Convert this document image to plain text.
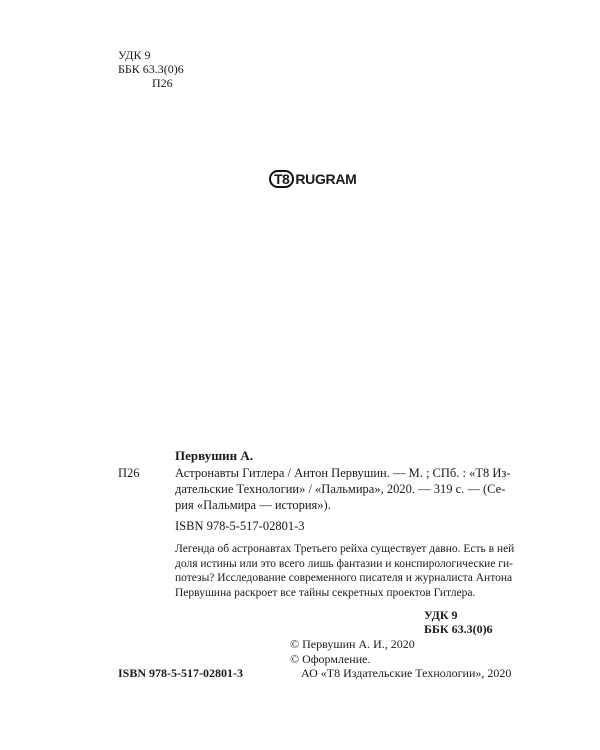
УДК 9
ББК 63.3(0)6
П26
T8 RUGRAM
Первушин А.
П26	Астронавты Гитлера / Антон Первушин. — М. ; СПб. : «Т8 Из-
дательские Технологии» / «Пальмира», 2020. — 319 с. — (Се-
рия «Пальмира — история»).
ISBN 978-5-517-02801-3
Легенда об астронавтах Третьего рейха существует давно. Есть в ней
доля истины или это всего лишь фантазии и конспирологические ги-
потезы? Исследование современного писателя и журналиста Антона
Первушина раскроет все тайны секретных проектов Гитлера.
УДК 9
ББК 63.3(0)6
© Первушин А. И., 2020
© Оформление.
АО «Т8 Издательские Технологии», 2020
ISBN 978-5-517-02801-3
